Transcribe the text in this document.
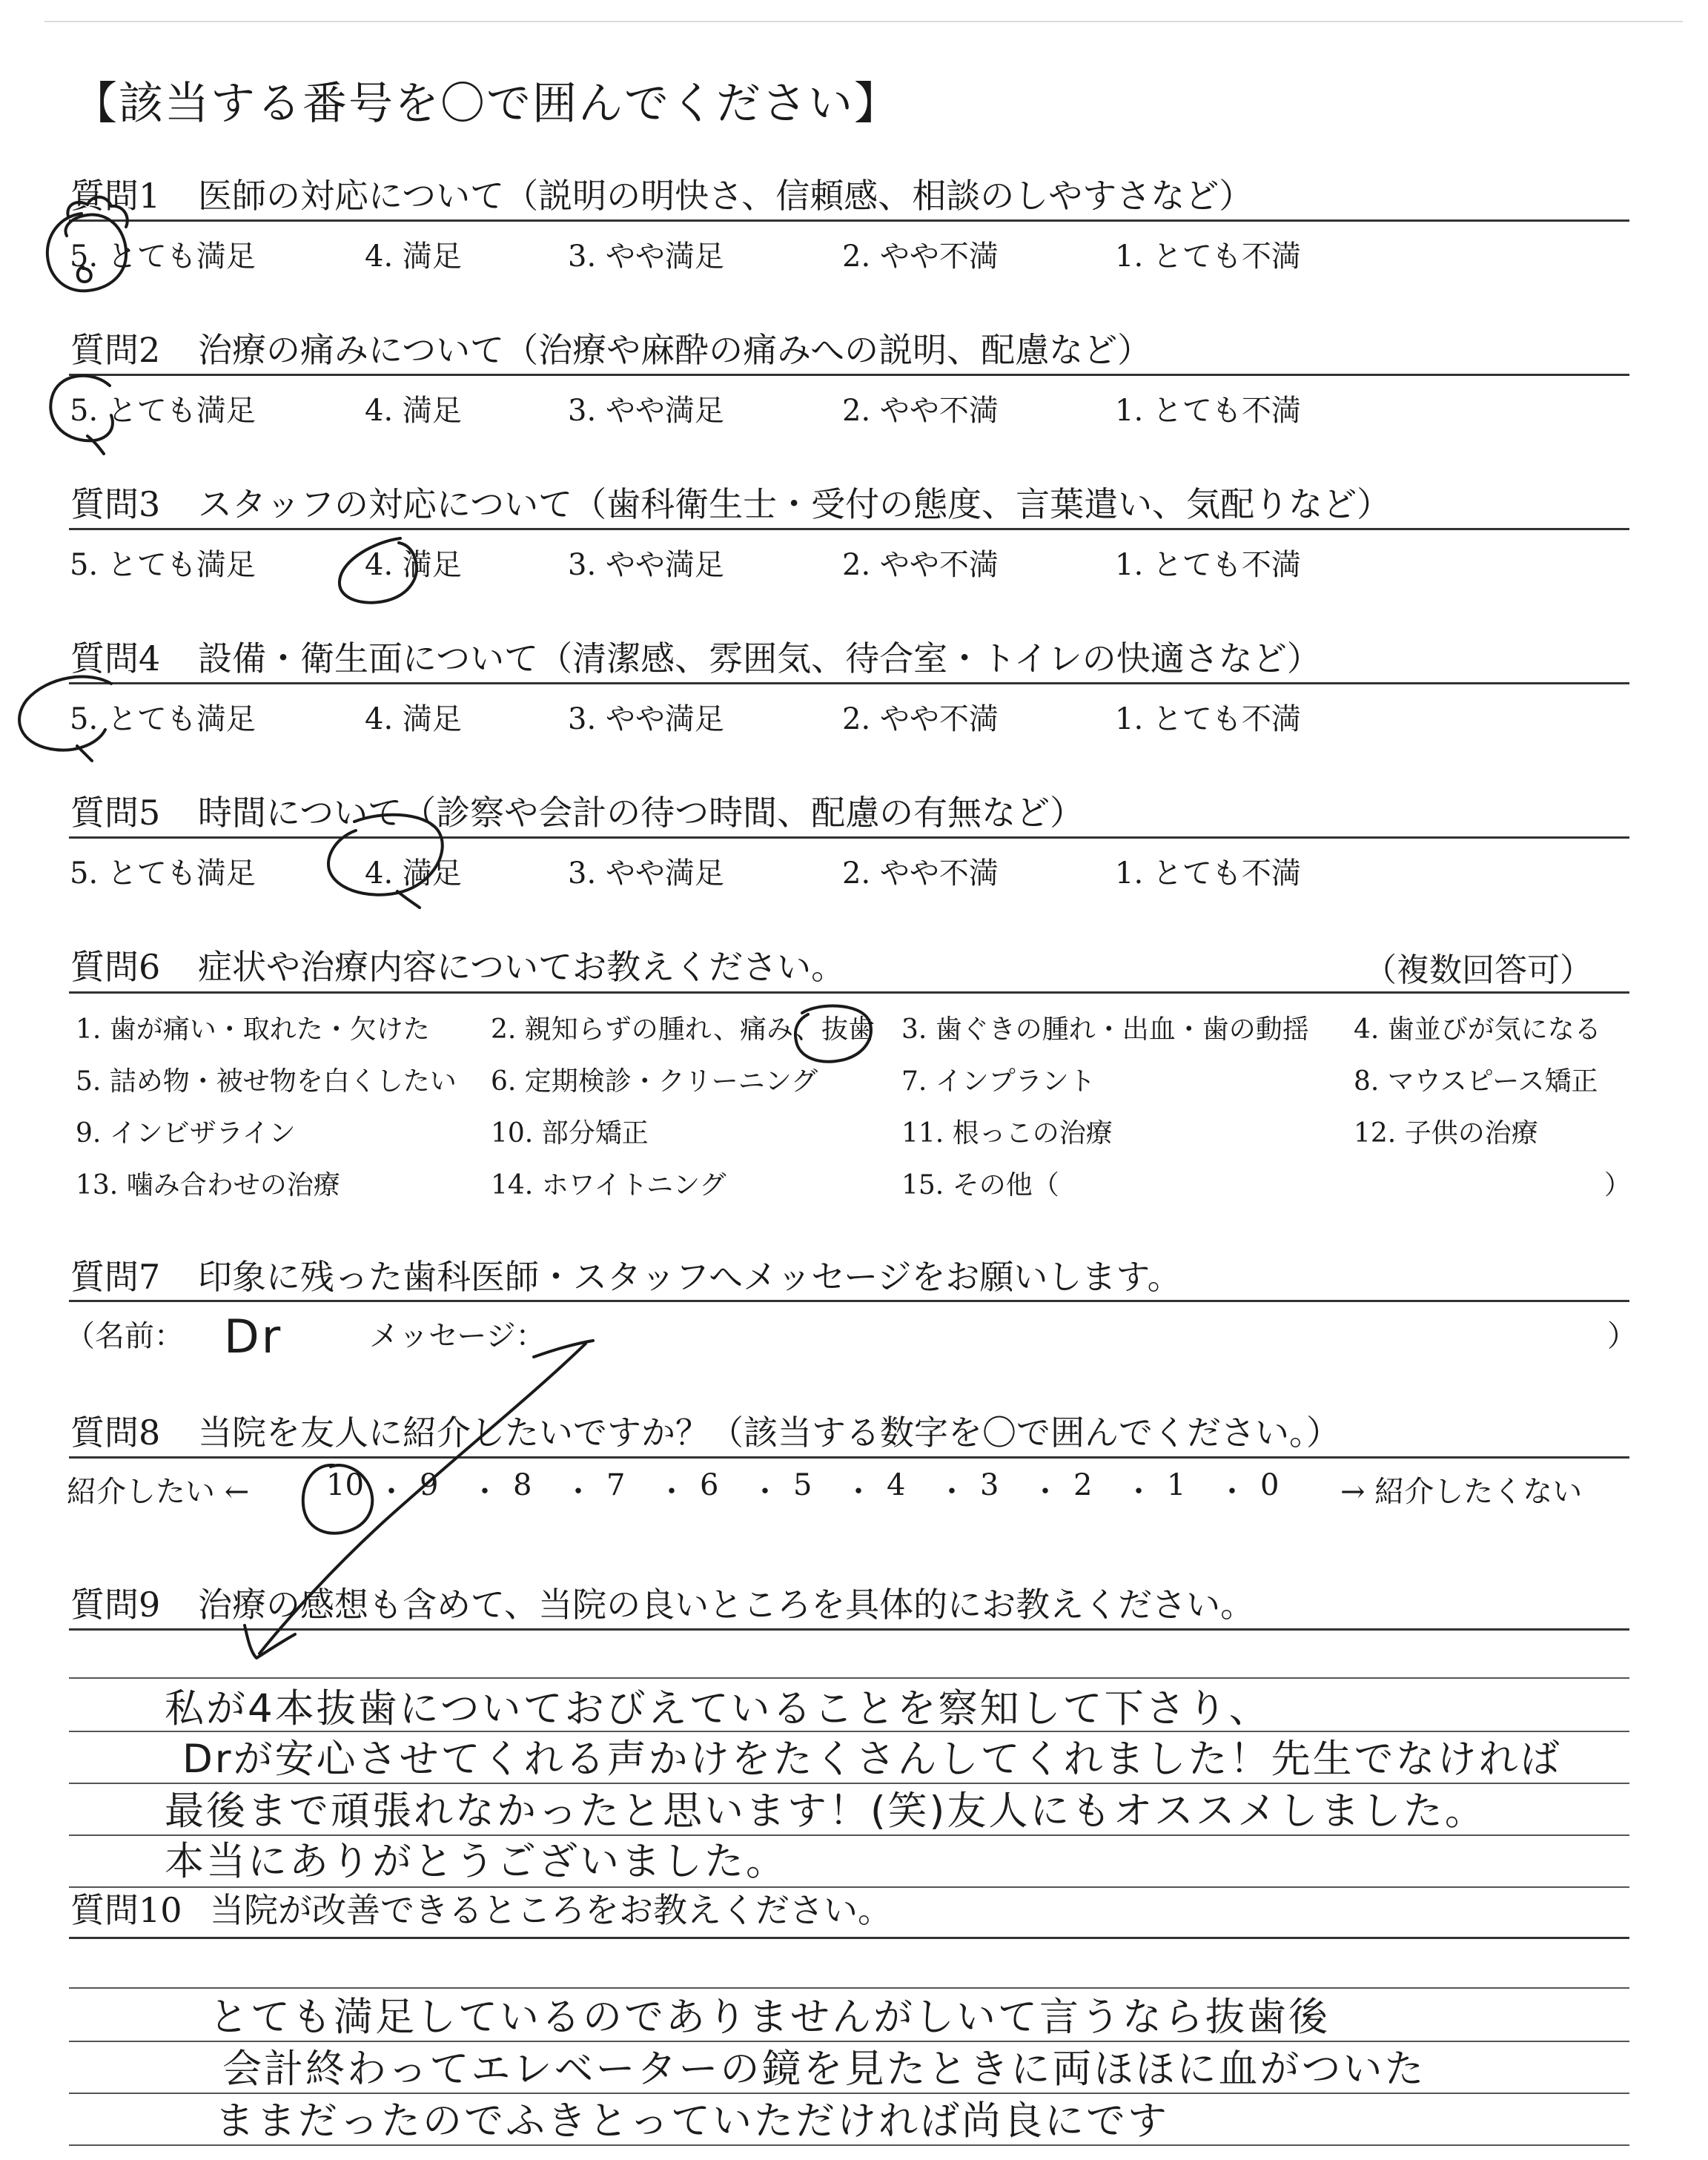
【該当する番号を〇で囲んでください】
質問1 医師の対応について（説明の明快さ、信頼感、相談のしやすさなど）
5. とても満足	4. 満足	3. やや満足	2. やや不満	1. とても不満
質問2 治療の痛みについて（治療や麻酔の痛みへの説明、配慮など）
5. とても満足	4. 満足	3. やや満足	2. やや不満	1. とても不満
質問3 スタッフの対応について（歯科衛生士・受付の態度、言葉遣い、気配りなど）
5. とても満足	4. 満足	3. やや満足	2. やや不満	1. とても不満
質問4 設備・衛生面について（清潔感、雰囲気、待合室・トイレの快適さなど）
5. とても満足	4. 満足	3. やや満足	2. やや不満	1. とても不満
質問5 時間について（診察や会計の待つ時間、配慮の有無など）
5. とても満足	4. 満足	3. やや満足	2. やや不満	1. とても不満
質問6 症状や治療内容についてお教えください。	（複数回答可）
1. 歯が痛い・取れた・欠けた 2. 親知らずの腫れ、痛み、抜歯 3. 歯ぐきの腫れ・出血・歯の動揺 4. 歯並びが気になる
5. 詰め物・被せ物を白くしたい 6. 定期検診・クリーニング	7. インプラント	8. マウスピース矯正
9. インビザライン	10. 部分矯正	11. 根っこの治療	12. 子供の治療
13. 噛み合わせの治療	14. ホワイトニング	15. その他（	）
質問7 印象に残った歯科医師・スタッフへメッセージをお願いします。
（名前： Dr	メッセージ：	）
質問8 当院を友人に紹介したいですか？（該当する数字を〇で囲んでください。）
紹介したい ←	→ 紹介したくない
10 ・ 9 ・ 8 ・ 7 ・ 6 ・ 5 ・ 4 ・ 3 ・ 2 ・ 1 ・ 0
質問9 治療の感想も含めて、当院の良いところを具体的にお教えください。
私が4本抜歯についておびえていることを察知して下さり、
Drが安心させてくれる声かけをたくさんしてくれました！先生でなければ
最後まで頑張れなかったと思います！(笑)友人にもオススメしました。
本当にありがとうございました。
質問10 当院が改善できるところをお教えください。
とても満足しているのでありませんがしいて言うなら抜歯後
会計終わってエレベーターの鏡を見たときに両ほほに血がついた
ままだったのでふきとっていただければ尚良にです
